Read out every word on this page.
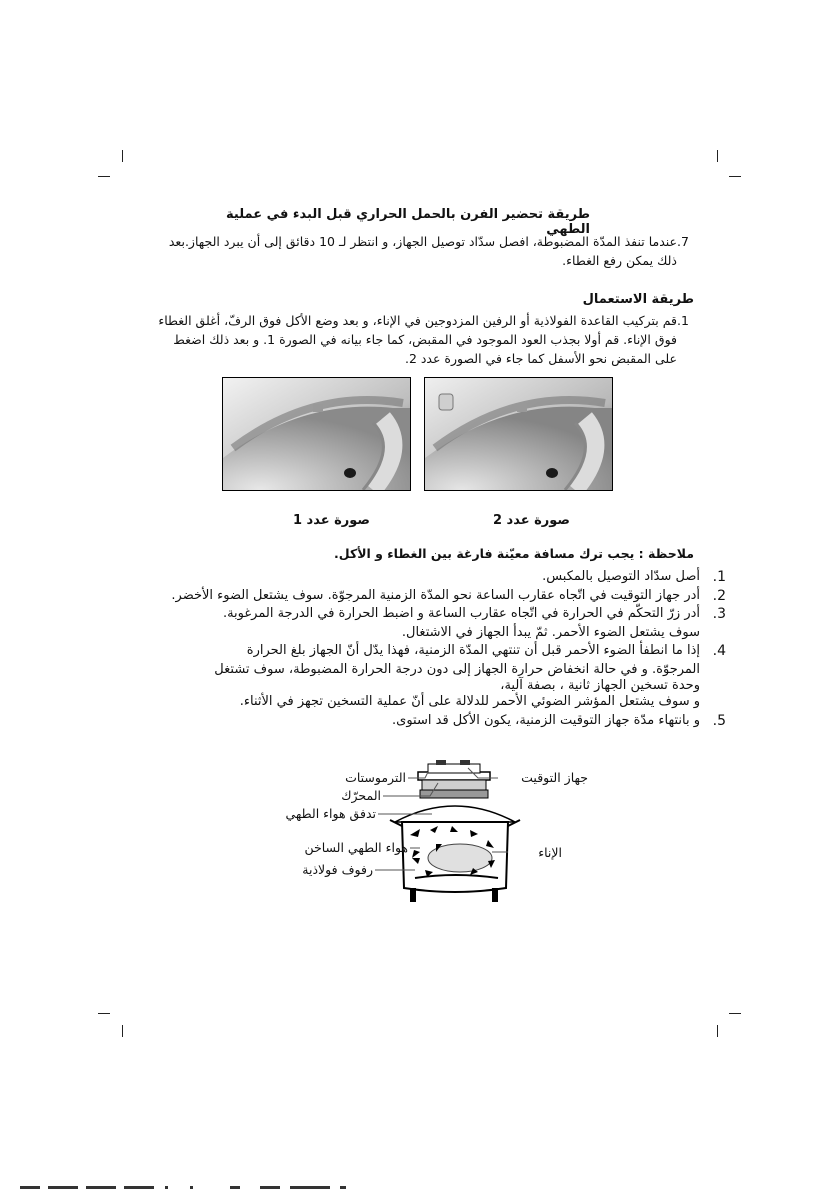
طريقة تحضير الفرن بالحمل الحراري قبل البدء في عملية الطهي
7.عندما تنفذ المدّة المضبوطة، افصل سدّاد توصيل الجهاز، و انتظر لـ 10 دقائق إلى أن يبرد الجهاز.بعد
ذلك يمكن رفع الغطاء.
طريقة الاستعمال
1.قم بتركيب القاعدة الفولاذية أو الرفين المزدوجين في الإناء، و بعد وضع الأكل فوق الرفّ، أغلق الغطاء
فوق الإناء. قم أولا بجذب العود الموجود في المقبض، كما جاء بيانه في الصورة 1. و بعد ذلك اضغط
على المقبض نحو الأسفل كما جاء في الصورة عدد 2.
صورة عدد 1	صورة عدد 2
ملاحظة : يجب ترك مسافة معيّنة فارغة بين الغطاء و الأكل.
1.
أصل سدّاد التوصيل بالمكبس.
2.
أدر جهاز التوقيت في اتّجاه عقارب الساعة نحو المدّة الزمنية المرجوّة. سوف يشتعل الضوء الأخضر.
3.
أدر زرّ التحكّم في الحرارة في اتّجاه عقارب الساعة و اضبط الحرارة في الدرجة المرغوبة.
سوف يشتعل الضوء الأحمر. ثمّ يبدأ الجهاز في الاشتغال.
4.
إذا ما انطفأ الضوء الأحمر قبل أن تنتهي المدّة الزمنية، فهذا يدّل أنّ الجهاز بلغ الحرارة
المرجوّة. و في حالة انخفاض حرارة الجهاز إلى دون درجة الحرارة المضبوطة، سوف تشتغل
وحدة تسخين الجهاز ثانية ، بصفة آلية،
و سوف يشتعل المؤشر الضوئي الأحمر للدلالة على أنّ عملية التسخين تجهز في الأثناء.
5.
و بانتهاء مدّة جهاز التوقيت الزمنية، يكون الأكل قد استوى.
الترموستات
المحرّك
تدفق هواء الطهي
هواء الطهي الساخن
رفوف فولاذية
جهاز التوقيت
الإناء
